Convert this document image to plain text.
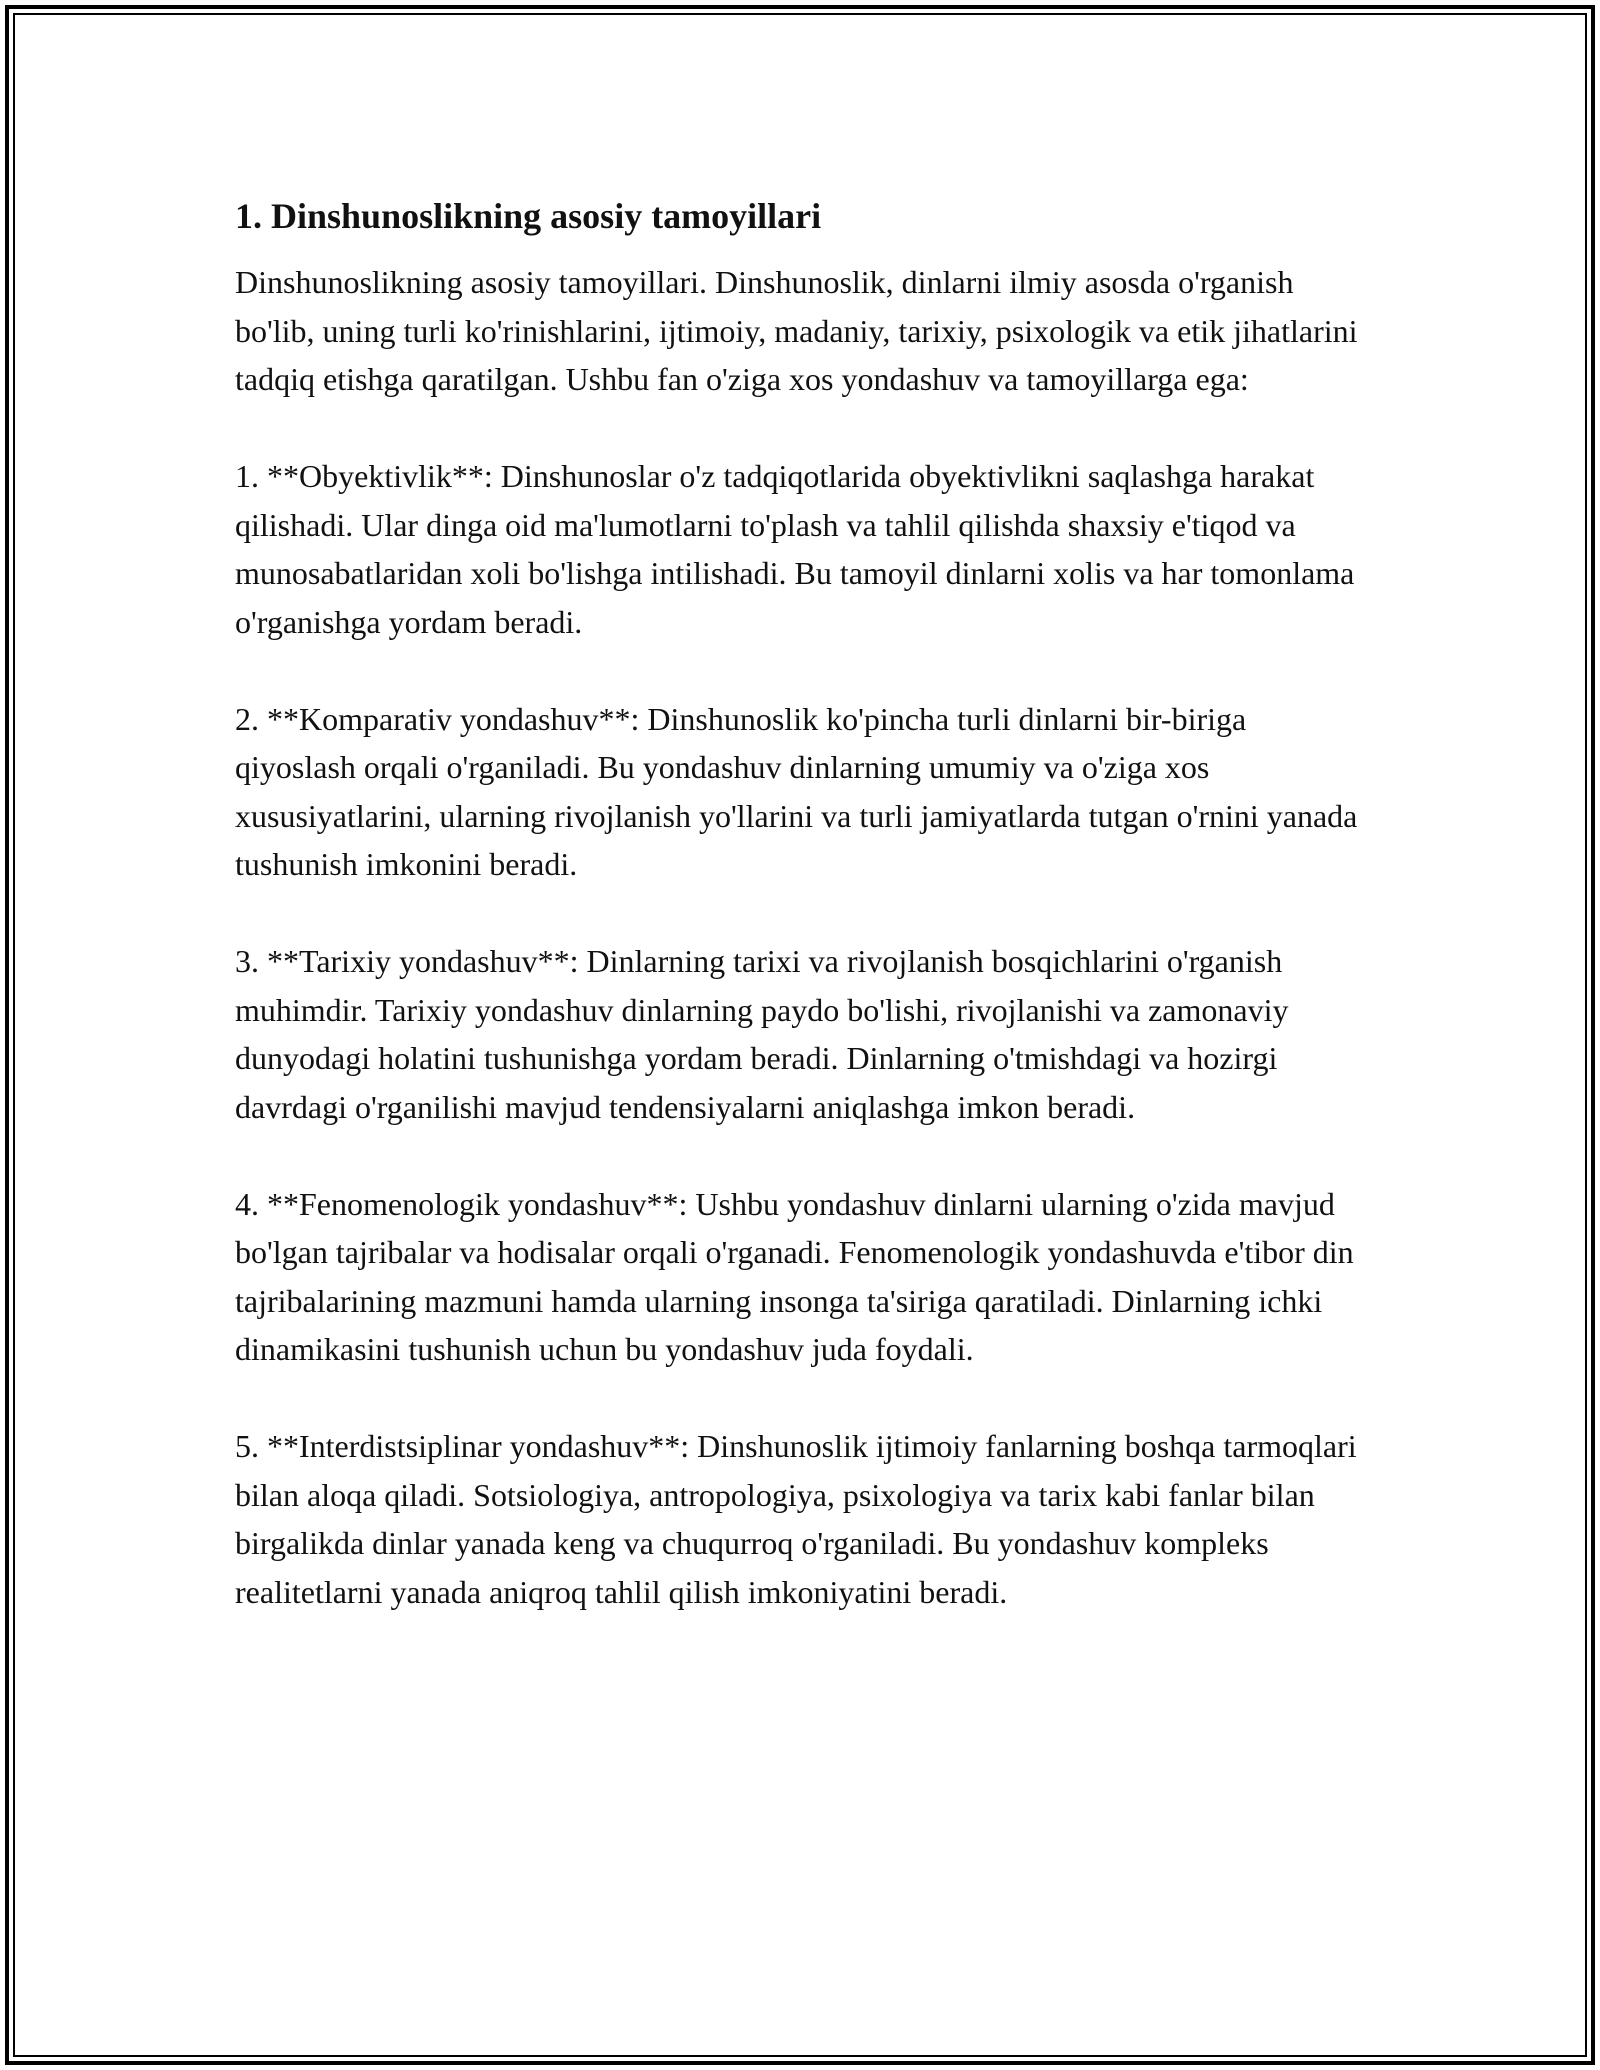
1. Dinshunoslikning asosiy tamoyillari

Dinshunoslikning asosiy tamoyillari. Dinshunoslik, dinlarni ilmiy asosda o'rganish bo'lib, uning turli ko'rinishlarini, ijtimoiy, madaniy, tarixiy, psixologik va etik jihatlarini tadqiq etishga qaratilgan. Ushbu fan o'ziga xos yondashuv va tamoyillarga ega:

1. **Obyektivlik**: Dinshunoslar o'z tadqiqotlarida obyektivlikni saqlashga harakat qilishadi. Ular dinga oid ma'lumotlarni to'plash va tahlil qilishda shaxsiy e'tiqod va munosabatlaridan xoli bo'lishga intilishadi. Bu tamoyil dinlarni xolis va har tomonlama o'rganishga yordam beradi.

2. **Komparativ yondashuv**: Dinshunoslik ko'pincha turli dinlarni bir-biriga qiyoslash orqali o'rganiladi. Bu yondashuv dinlarning umumiy va o'ziga xos xususiyatlarini, ularning rivojlanish yo'llarini va turli jamiyatlarda tutgan o'rnini yanada tushunish imkonini beradi.

3. **Tarixiy yondashuv**: Dinlarning tarixi va rivojlanish bosqichlarini o'rganish muhimdir. Tarixiy yondashuv dinlarning paydo bo'lishi, rivojlanishi va zamonaviy dunyodagi holatini tushunishga yordam beradi. Dinlarning o'tmishdagi va hozirgi davrdagi o'rganilishi mavjud tendensiyalarni aniqlashga imkon beradi.

4. **Fenomenologik yondashuv**: Ushbu yondashuv dinlarni ularning o'zida mavjud bo'lgan tajribalar va hodisalar orqali o'rganadi. Fenomenologik yondashuvda e'tibor din tajribalarining mazmuni hamda ularning insonga ta'siriga qaratiladi. Dinlarning ichki dinamikasini tushunish uchun bu yondashuv juda foydali.

5. **Interdistsiplinar yondashuv**: Dinshunoslik ijtimoiy fanlarning boshqa tarmoqlari bilan aloqa qiladi. Sotsiologiya, antropologiya, psixologiya va tarix kabi fanlar bilan birgalikda dinlar yanada keng va chuqurroq o'rganiladi. Bu yondashuv kompleks realitetlarni yanada aniqroq tahlil qilish imkoniyatini beradi.
